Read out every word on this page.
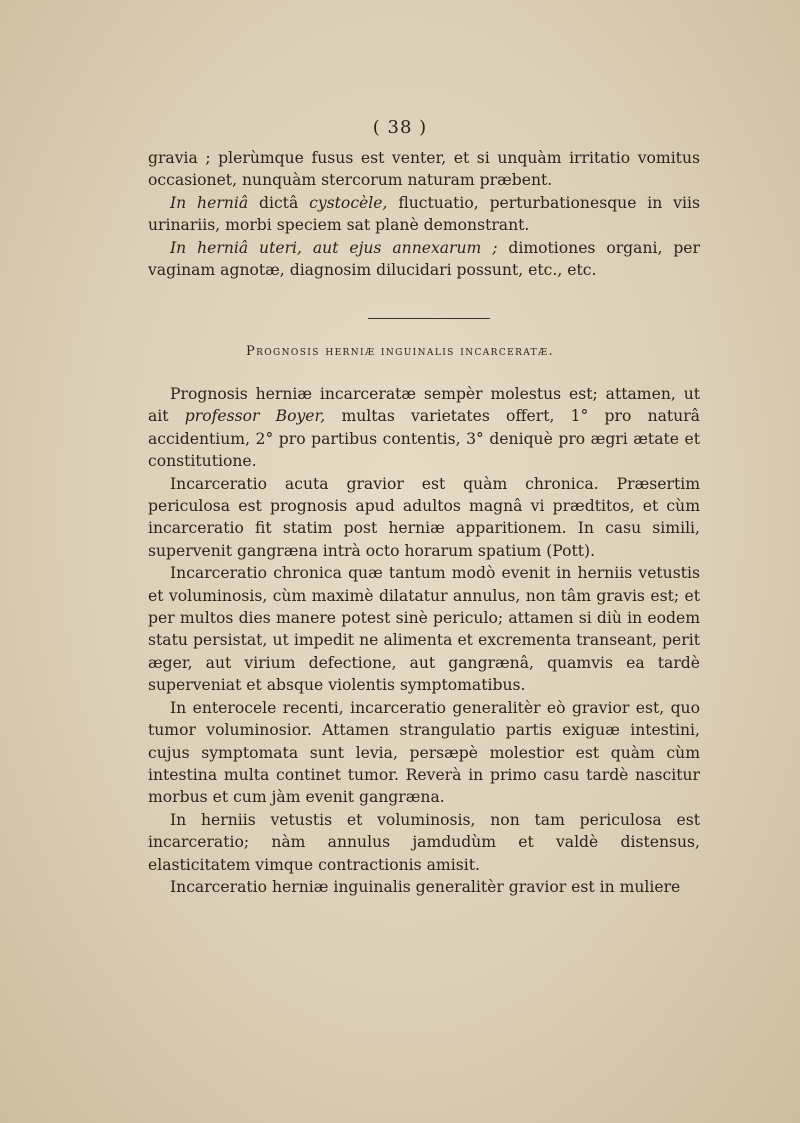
( 38 )

gravia ; plerùmque fusus est venter, et si unquàm irritatio vomitus occasionet, nunquàm stercorum naturam præbent.

In herniâ dictâ cystocèle, fluctuatio, perturbationesque in viis urinariis, morbi speciem sat planè demonstrant.

In herniâ uteri, aut ejus annexarum ; dimotiones organi, per vaginam agnotæ, diagnosim dilucidari possunt, etc., etc.

Prognosis herniæ inguinalis incarceratæ.

Prognosis herniæ incarceratæ sempèr molestus est; attamen, ut ait professor Boyer, multas varietates offert, 1° pro naturâ accidentium, 2° pro partibus contentis, 3° deniquè pro ægri ætate et constitutione.

Incarceratio acuta gravior est quàm chronica. Præsertim periculosa est prognosis apud adultos magnâ vi prædtitos, et cùm incarceratio fit statim post herniæ apparitionem. In casu simili, supervenit gangræna intrà octo horarum spatium (Pott).

Incarceratio chronica quæ tantum modò evenit in herniis vetustis et voluminosis, cùm maximè dilatatur annulus, non tâm gravis est; et per multos dies manere potest sinè periculo; attamen si diù in eodem statu persistat, ut impedit ne alimenta et excrementa transeant, perit æger, aut virium defectione, aut gangrænâ, quamvis ea tardè superveniat et absque violentis symptomatibus.

In enterocele recenti, incarceratio generalitèr eò gravior est, quo tumor voluminosior. Attamen strangulatio partis exiguæ intestini, cujus symptomata sunt levia, persæpè molestior est quàm cùm intestina multa continet tumor. Reverà in primo casu tardè nascitur morbus et cum jàm evenit gangræna.

In herniis vetustis et voluminosis, non tam periculosa est incarceratio; nàm annulus jamdudùm et valdè distensus, elasticitatem vimque contractionis amisit.

Incarceratio herniæ inguinalis generalitèr gravior est in muliere
